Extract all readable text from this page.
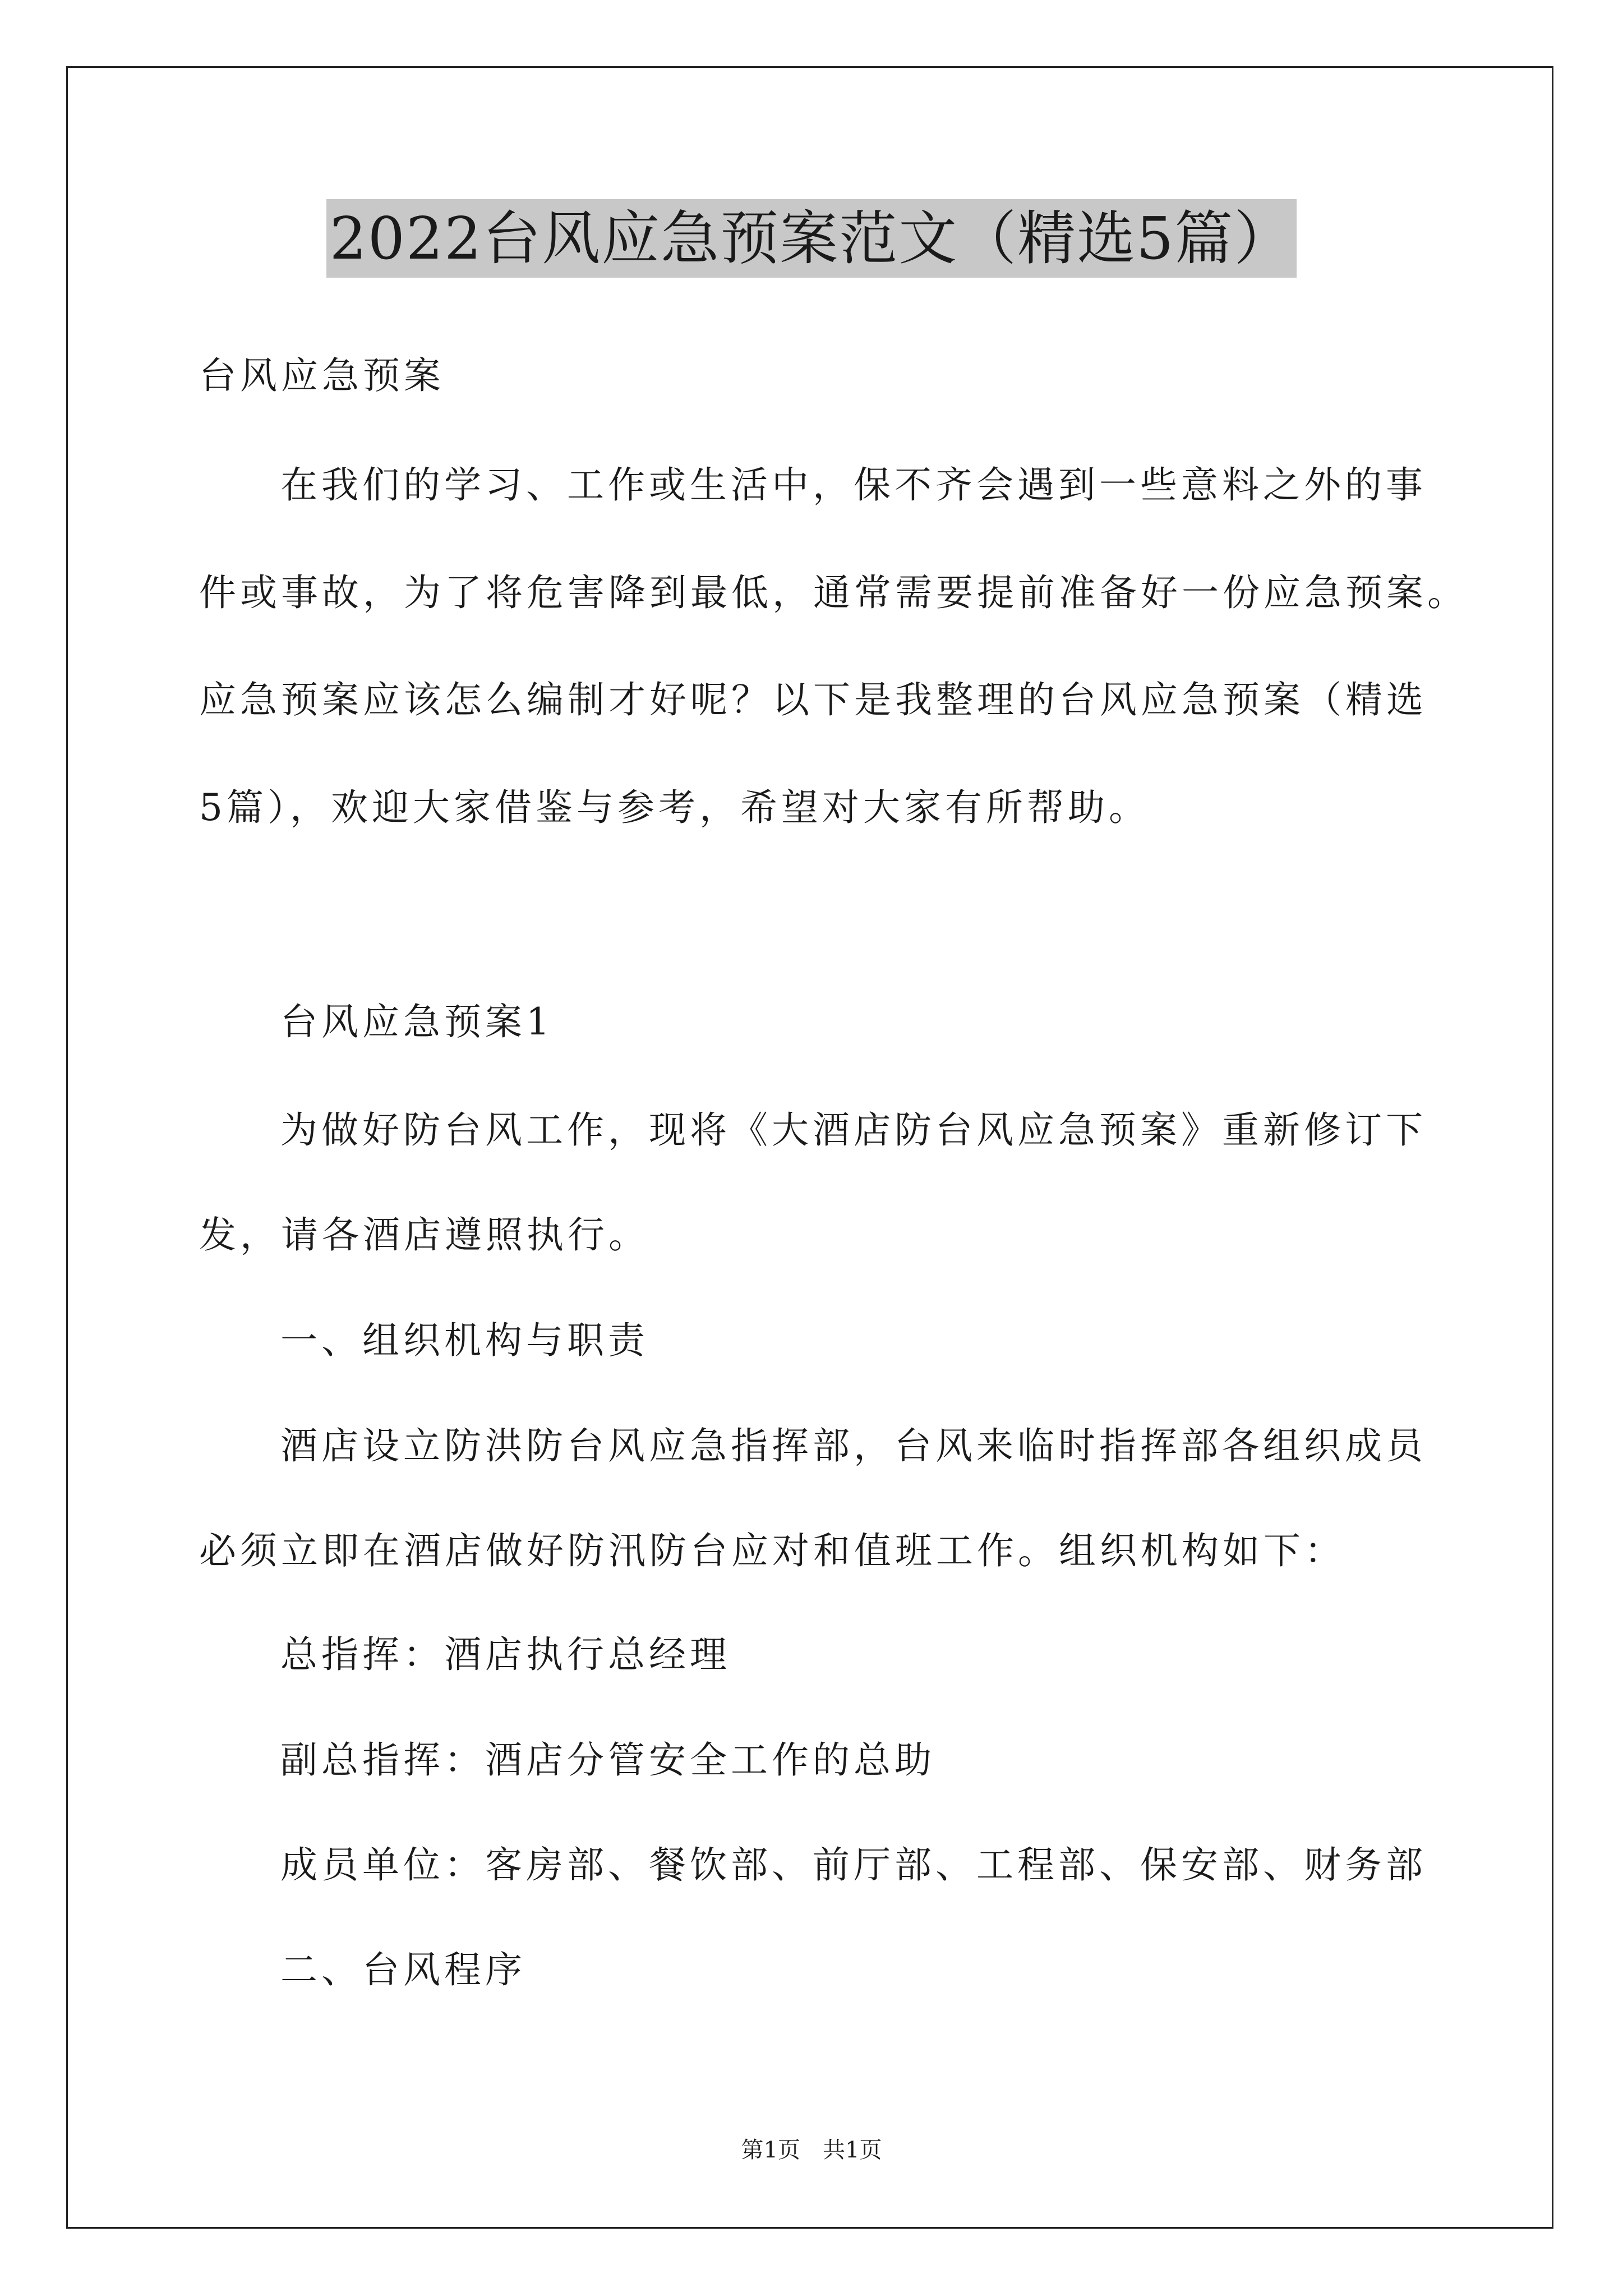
2022台风应急预案范文（精选5篇）
台风应急预案
在我们的学习、工作或生活中，保不齐会遇到一些意料之外的事
件或事故，为了将危害降到最低，通常需要提前准备好一份应急预案。
应急预案应该怎么编制才好呢？以下是我整理的台风应急预案（精选
5篇），欢迎大家借鉴与参考，希望对大家有所帮助。
台风应急预案1
为做好防台风工作，现将《大酒店防台风应急预案》重新修订下
发，请各酒店遵照执行。
一、组织机构与职责
酒店设立防洪防台风应急指挥部，台风来临时指挥部各组织成员
必须立即在酒店做好防汛防台应对和值班工作。组织机构如下：
总指挥：酒店执行总经理
副总指挥：酒店分管安全工作的总助
成员单位：客房部、餐饮部、前厅部、工程部、保安部、财务部
二、台风程序
第1页　共1页
